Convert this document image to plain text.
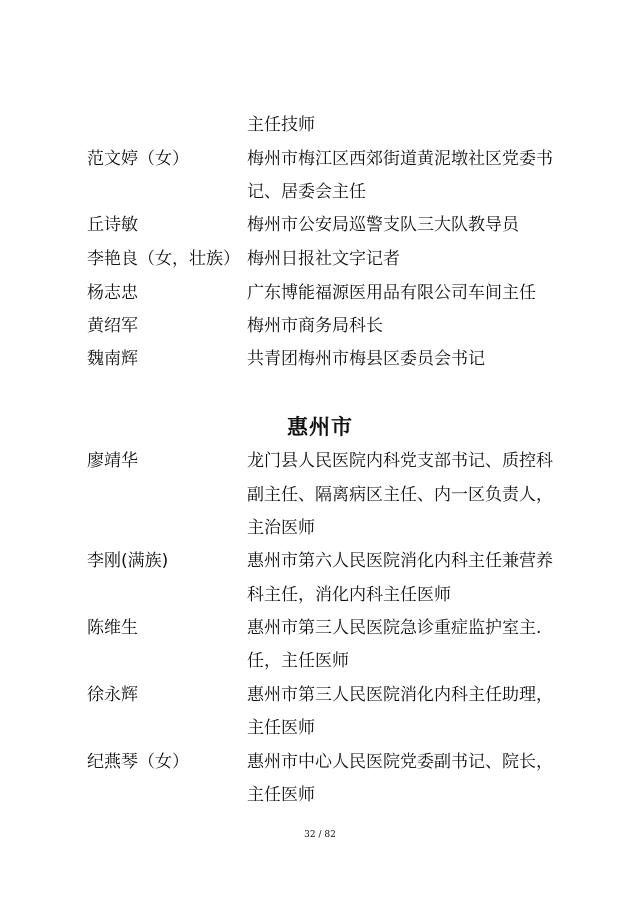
主任技师
范文婷（女）	梅州市梅江区西郊街道黄泥墩社区党委书
记、居委会主任
丘诗敏	梅州市公安局巡警支队三大队教导员
李艳良（女，壮族） 梅州日报社文字记者
杨志忠	广东博能福源医用品有限公司车间主任
黄绍军	梅州市商务局科长
魏南辉	共青团梅州市梅县区委员会书记
惠州市
廖靖华	龙门县人民医院内科党支部书记、质控科
副主任、隔离病区主任、内一区负责人，
主治医师
李刚(满族)	惠州市第六人民医院消化内科主任兼营养
科主任，消化内科主任医师
陈维生	惠州市第三人民医院急诊重症监护室主.
任，主任医师
徐永辉	惠州市第三人民医院消化内科主任助理，
主任医师
纪燕琴（女）	惠州市中心人民医院党委副书记、院长，
主任医师
32 / 82
